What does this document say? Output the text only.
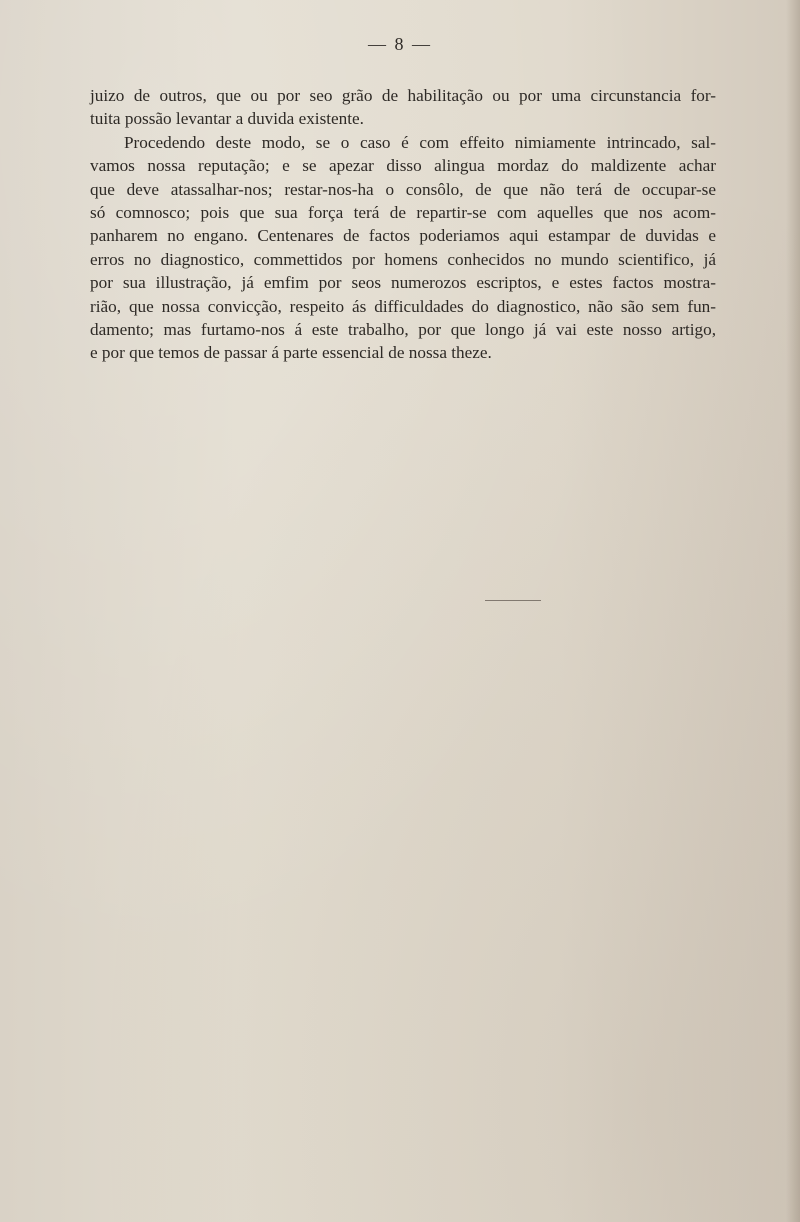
— 8 —
juizo de outros, que ou por seo grão de habilitação ou por uma circunstancia for-
tuita possão levantar a duvida existente.
Procedendo deste modo, se o caso é com effeito nimiamente intrincado, sal-
vamos nossa reputação; e se apezar disso alingua mordaz do maldizente achar
que deve atassalhar-nos; restar-nos-ha o consôlo, de que não terá de occupar-se
só comnosco; pois que sua força terá de repartir-se com aquelles que nos acom-
panharem no engano. Centenares de factos poderiamos aqui estampar de duvidas e
erros no diagnostico, commettidos por homens conhecidos no mundo scientifico, já
por sua illustração, já emfim por seos numerozos escriptos, e estes factos mostra-
rião, que nossa convicção, respeito ás difficuldades do diagnostico, não são sem fun-
damento; mas furtamo-nos á este trabalho, por que longo já vai este nosso artigo,
e por que temos de passar á parte essencial de nossa theze.
